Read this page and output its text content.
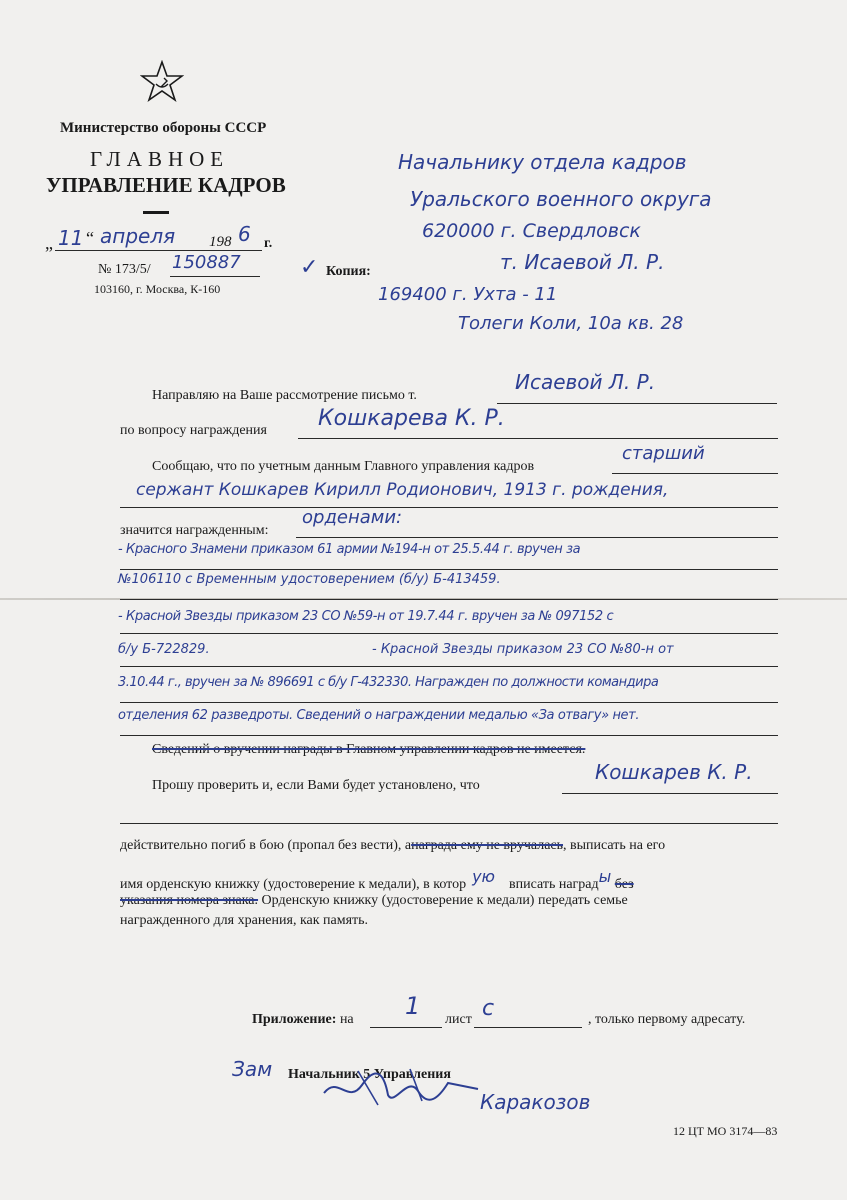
Министерство обороны СССР
ГЛАВНОЕ
УПРАВЛЕНИЕ КАДРОВ
„ 11 “ апреля 198 6 г.
№ 173/5/ 150887
103160, г. Москва, К-160
Начальнику отдела кадров
Уральского военного округа
620000 г. Свердловск
т. Исаевой Л. Р.
✓ Копия:
169400 г. Ухта - 11
Толеги Коли, 10а кв. 28
Направляю на Ваше рассмотрение письмо т.
Исаевой Л. Р.
по вопросу награждения Кошкарева К. Р.
Сообщаю, что по учетным данным Главного управления кадров
старший
сержант Кошкарев Кирилл Родионович, 1913 г. рождения,
значится награжденным:
орденами:
- Красного Знамени приказом 61 армии №194-н от 25.5.44 г. вручен за
№106110 с Временным удостоверением (б/у) Б-413459.
- Красной Звезды приказом 23 СО №59-н от 19.7.44 г. вручен за № 097152 с
б/у Б-722829.	- Красной Звезды приказом 23 СО №80-н от
3.10.44 г., вручен за № 896691 с б/у Г-432330. Награжден по должности командира
отделения 62 разведроты. Сведений о награждении медалью «За отвагу» нет.
Сведений о вручении награды в Главном управлении кадров не имеется.
Прошу проверить и, если Вами будет установлено, что
Кошкарев К. Р.
действительно погиб в бою (пропал без вести), анаграда ему не вручалась, выписать на его
имя орденскую книжку (удостоверение к медали), в котор ую вписать награды без
указания номера знака. Орденскую книжку (удостоверение к медали) передать семье
награжденного для хранения, как память.
Приложение: на 1 лист с	, только первому адресату.
Зам Начальник 5 Управления
Каракозов
12 ЦТ МО 3174—83
